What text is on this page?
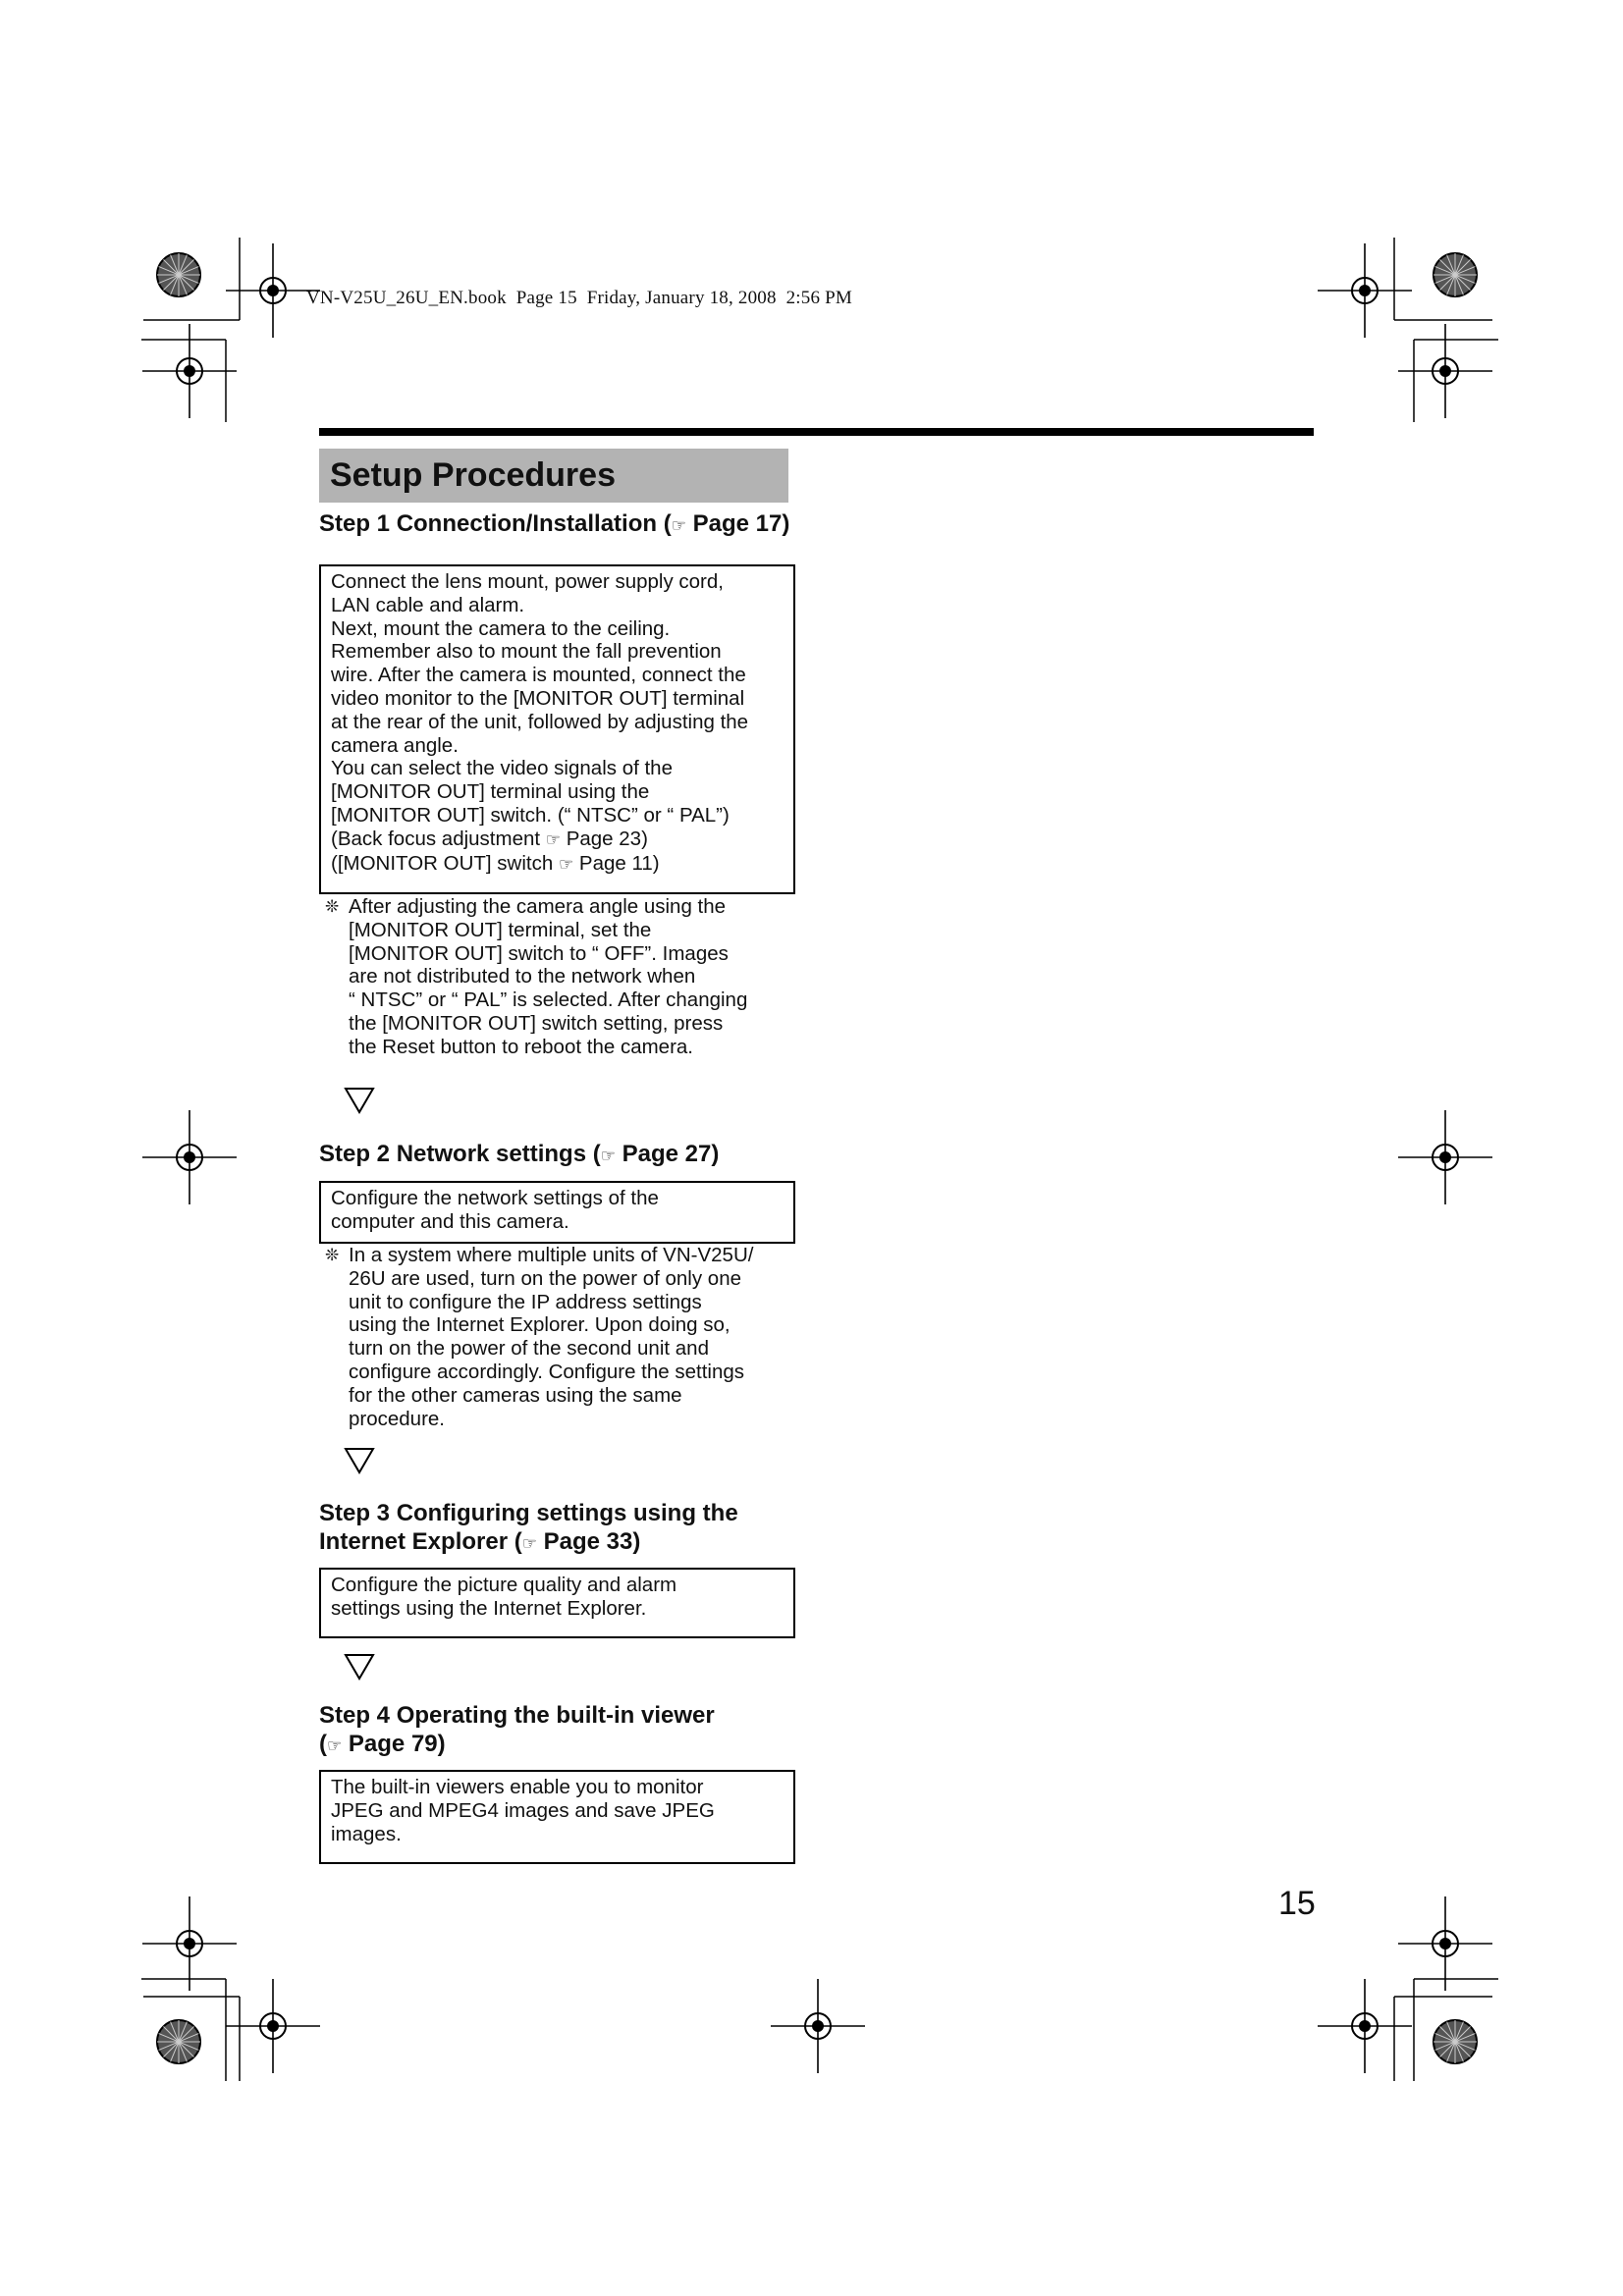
VN-V25U_26U_EN.book  Page 15  Friday, January 18, 2008  2:56 PM
Setup Procedures
Step 1 Connection/Installation (☞ Page 17)
Connect the lens mount, power supply cord,
LAN cable and alarm.
Next, mount the camera to the ceiling.
Remember also to mount the fall prevention
wire. After the camera is mounted, connect the
video monitor to the [MONITOR OUT] terminal
at the rear of the unit, followed by adjusting the
camera angle.
You can select the video signals of the
[MONITOR OUT] terminal using the
[MONITOR OUT] switch. (“ NTSC” or “ PAL”)
(Back focus adjustment ☞ Page 23)
([MONITOR OUT] switch ☞ Page 11)
❊ After adjusting the camera angle using the
[MONITOR OUT] terminal, set the
[MONITOR OUT] switch to “ OFF”. Images
are not distributed to the network when
“ NTSC” or “ PAL” is selected. After changing
the [MONITOR OUT] switch setting, press
the Reset button to reboot the camera.
Step 2 Network settings (☞ Page 27)
Configure the network settings of the
computer and this camera.
❊ In a system where multiple units of VN-V25U/
26U are used, turn on the power of only one
unit to configure the IP address settings
using the Internet Explorer. Upon doing so,
turn on the power of the second unit and
configure accordingly. Configure the settings
for the other cameras using the same
procedure.
Step 3 Configuring settings using the
Internet Explorer (☞ Page 33)
Configure the picture quality and alarm
settings using the Internet Explorer.
Step 4 Operating the built-in viewer
(☞ Page 79)
The built-in viewers enable you to monitor
JPEG and MPEG4 images and save JPEG
images.
15
